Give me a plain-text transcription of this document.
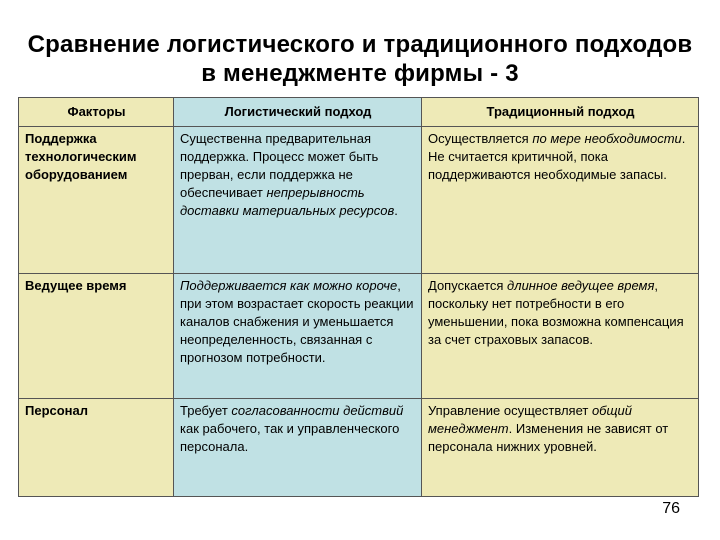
Сравнение логистического и традиционного подходов
в менеджменте фирмы - 3
Факторы	Логистический подход	Традиционный подход
Поддержка технологическим оборудованием	Существенна предварительная поддержка. Процесс может быть прерван, если поддержка не обеспечивает непрерывность доставки материальных ресурсов.	Осуществляется по мере необходимости. Не считается критичной, пока поддерживаются необходимые запасы.
Ведущее время	Поддерживается как можно короче, при этом возрастает скорость реакции каналов снабжения и уменьшается неопределенность, связанная с прогнозом потребности.	Допускается длинное ведущее время, поскольку нет потребности в его уменьшении, пока возможна компенсация за счет страховых запасов.
Персонал	Требует согласованности действий как рабочего, так и управленческого персонала.	Управление осуществляет общий менеджмент. Изменения не зависят от персонала нижних уровней.
76
